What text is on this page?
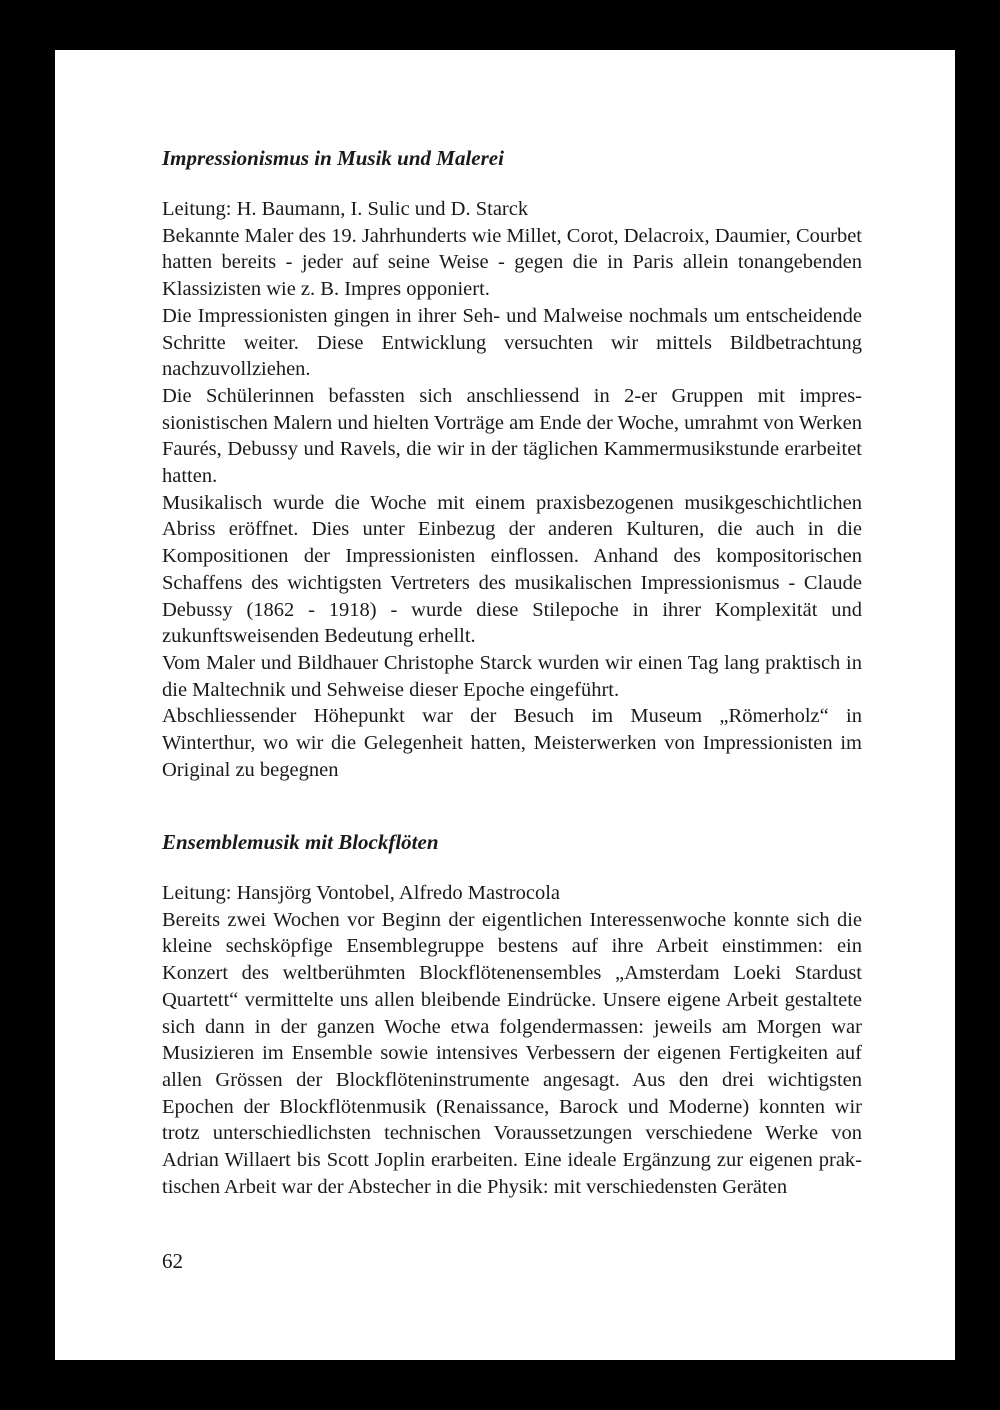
Impressionismus in Musik und Malerei

Leitung: H. Baumann, I. Sulic und D. Starck

Bekannte Maler des 19. Jahrhunderts wie Millet, Corot, Delacroix, Daumier, Courbet hatten bereits - jeder auf seine Weise - gegen die in Paris allein tonangebenden Klassizisten wie z. B. Impres opponiert.

Die Impressionisten gingen in ihrer Seh- und Malweise nochmals um entscheidende Schritte weiter. Diese Entwicklung versuchten wir mittels Bildbetrachtung nachzuvollziehen.

Die Schülerinnen befassten sich anschliessend in 2-er Gruppen mit impressionistischen Malern und hielten Vorträge am Ende der Woche, umrahmt von Werken Faurés, Debussy und Ravels, die wir in der täglichen Kammermusikstunde erarbeitet hatten.

Musikalisch wurde die Woche mit einem praxisbezogenen musikgeschichtlichen Abriss eröffnet. Dies unter Einbezug der anderen Kulturen, die auch in die Kompositionen der Impressionisten einflossen. Anhand des kompositorischen Schaffens des wichtigsten Vertreters des musikalischen Impressionismus - Claude Debussy (1862 - 1918) - wurde diese Stilepoche in ihrer Komplexität und zukunftsweisenden Bedeutung erhellt.

Vom Maler und Bildhauer Christophe Starck wurden wir einen Tag lang praktisch in die Maltechnik und Sehweise dieser Epoche eingeführt.

Abschliessender Höhepunkt war der Besuch im Museum „Römerholz“ in Winterthur, wo wir die Gelegenheit hatten, Meisterwerken von Impressionisten im Original zu begegnen

Ensemblemusik mit Blockflöten

Leitung: Hansjörg Vontobel, Alfredo Mastrocola

Bereits zwei Wochen vor Beginn der eigentlichen Interessenwoche konnte sich die kleine sechsköpfige Ensemblegruppe bestens auf ihre Arbeit einstimmen: ein Konzert des weltberühmten Blockflötenensembles „Amsterdam Loeki Stardust Quartett“ vermittelte uns allen bleibende Eindrücke. Unsere eigene Arbeit gestaltete sich dann in der ganzen Woche etwa folgendermassen: jeweils am Morgen war Musizieren im Ensemble sowie intensives Verbessern der eigenen Fertigkeiten auf allen Grössen der Blockflöteninstrumente angesagt. Aus den drei wichtigsten Epochen der Blockflötenmusik (Renaissance, Barock und Moderne) konnten wir trotz unterschiedlichsten technischen Voraussetzungen verschiedene Werke von Adrian Willaert bis Scott Joplin erarbeiten. Eine ideale Ergänzung zur eigenen praktischen Arbeit war der Abstecher in die Physik: mit verschiedensten Geräten

62
